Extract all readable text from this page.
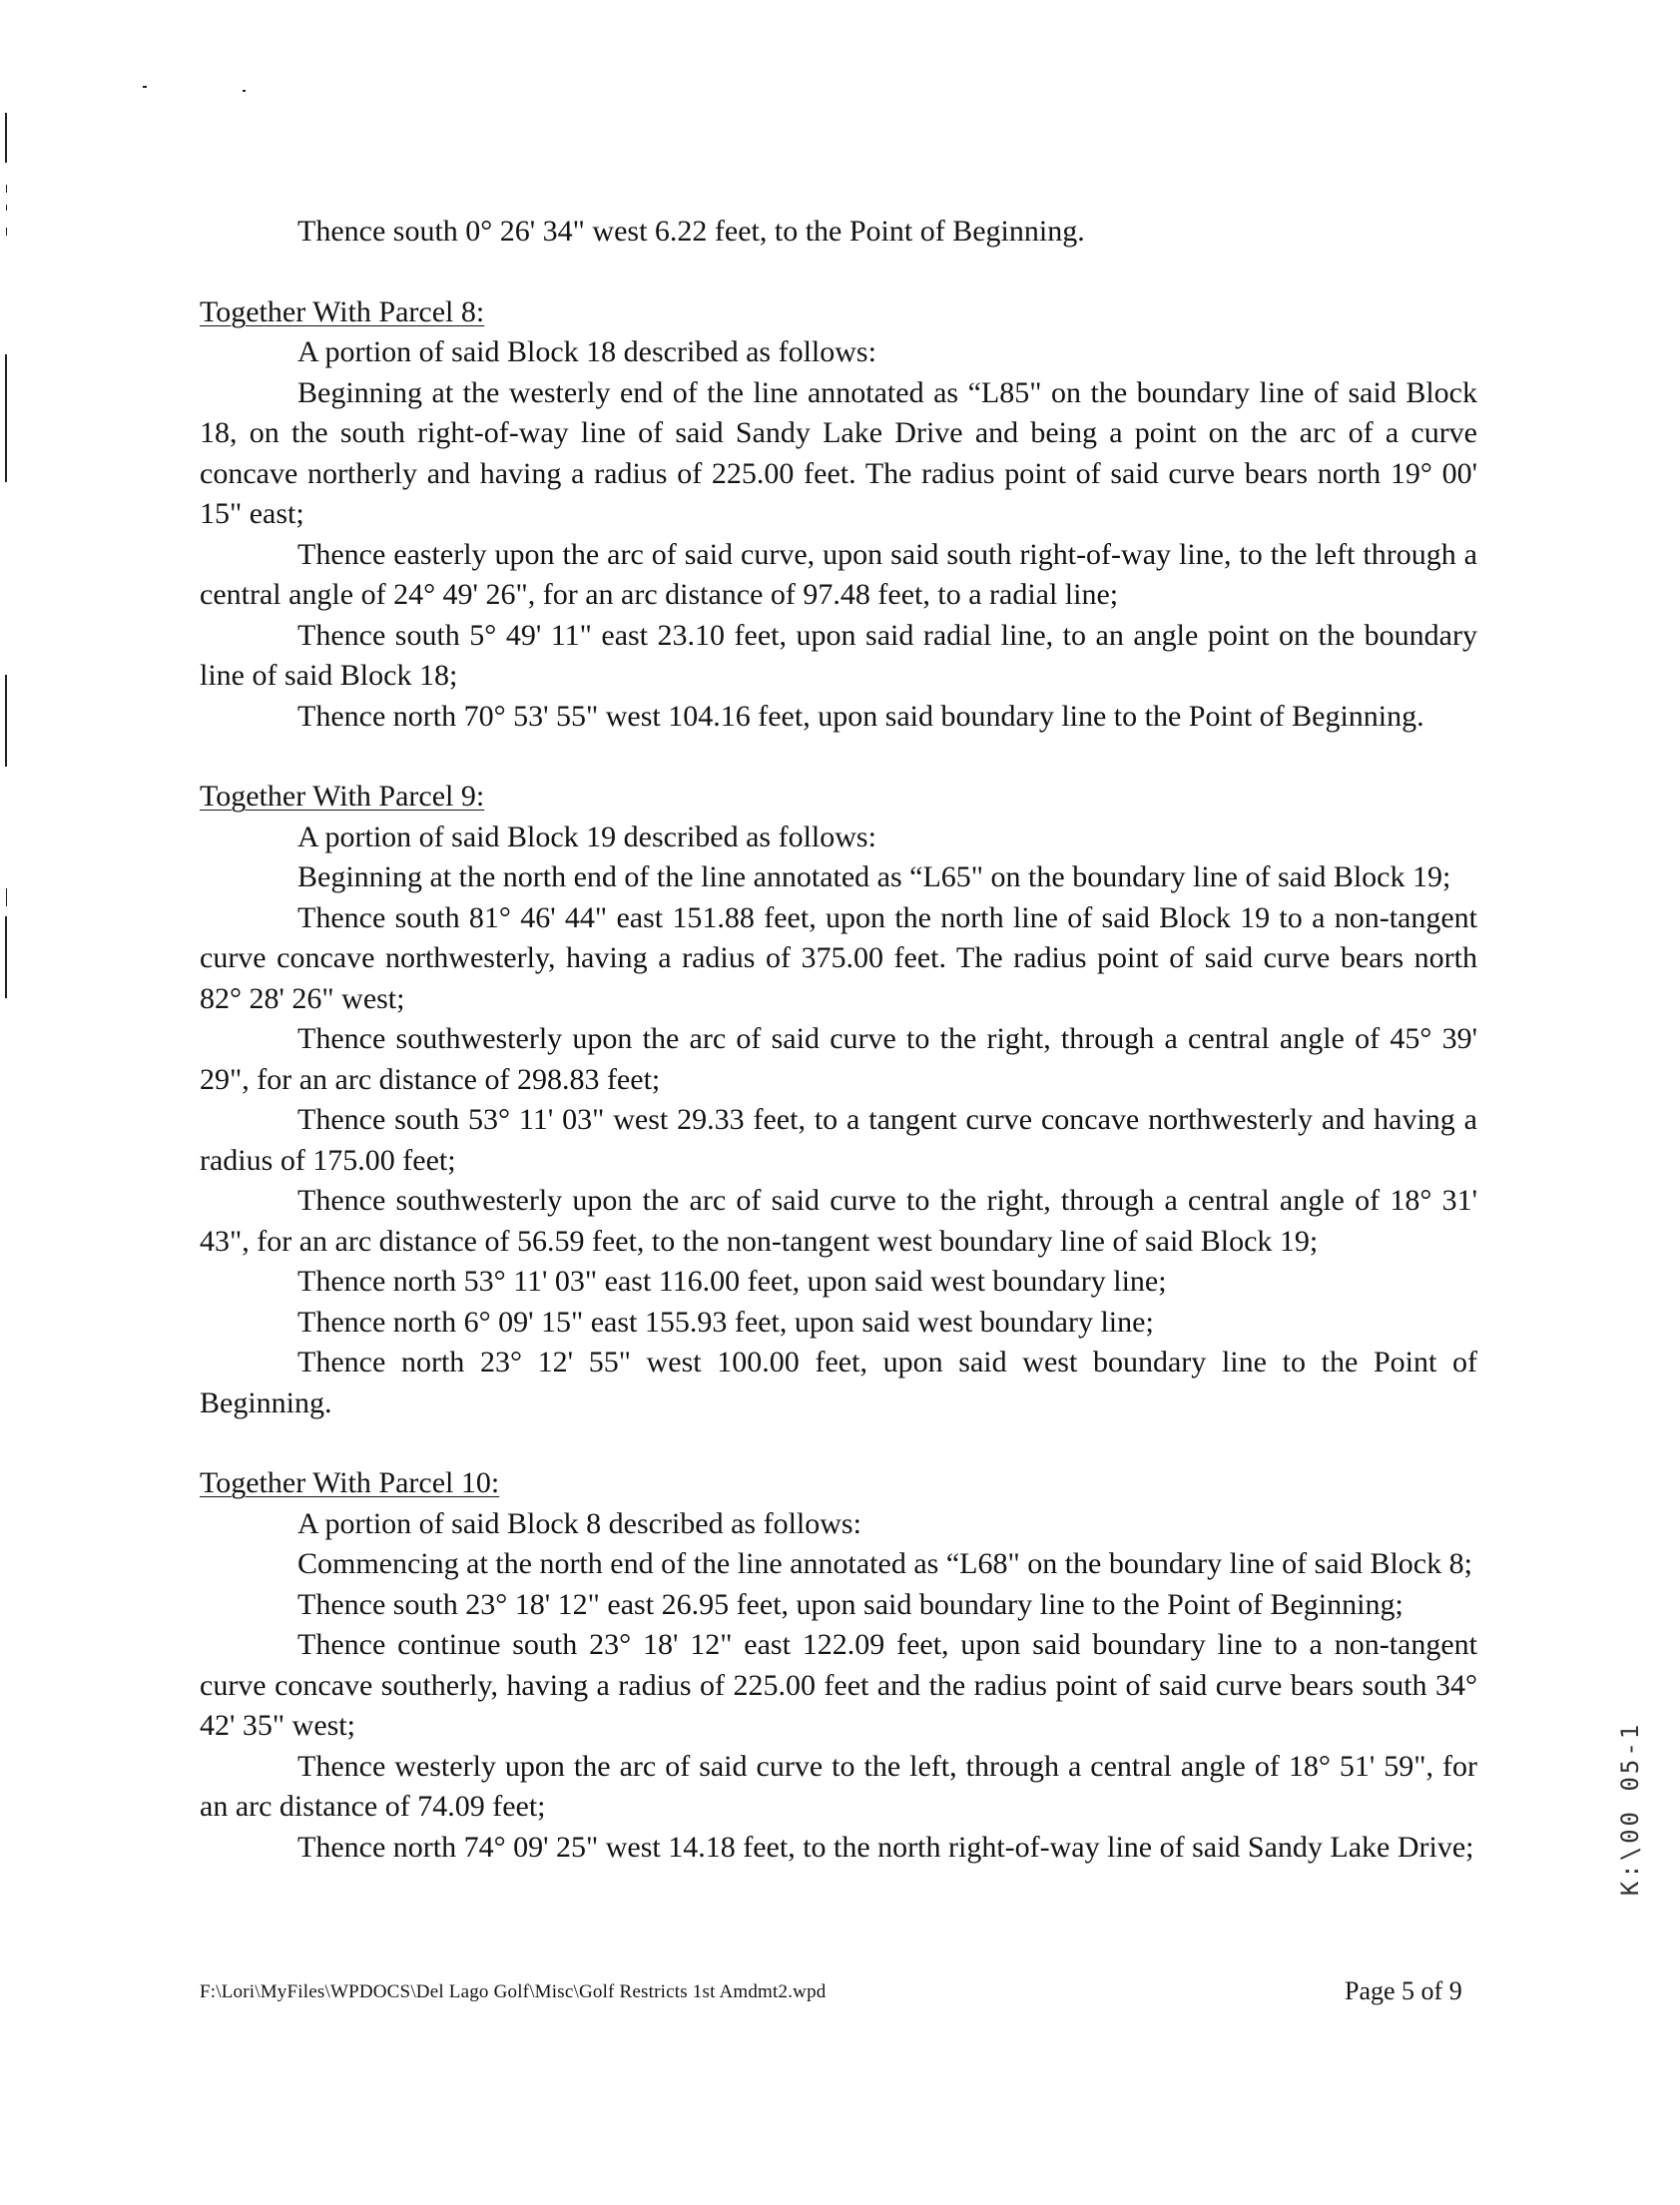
Thence south 0° 26' 34" west 6.22 feet, to the Point of Beginning.

Together With Parcel 8:

A portion of said Block 18 described as follows:

Beginning at the westerly end of the line annotated as “L85" on the boundary line of said Block 18, on the south right-of-way line of said Sandy Lake Drive and being a point on the arc of a curve concave northerly and having a radius of 225.00 feet. The radius point of said curve bears north 19° 00' 15" east;

Thence easterly upon the arc of said curve, upon said south right-of-way line, to the left through a central angle of 24° 49' 26", for an arc distance of 97.48 feet, to a radial line;

Thence south 5° 49' 11" east 23.10 feet, upon said radial line, to an angle point on the boundary line of said Block 18;

Thence north 70° 53' 55" west 104.16 feet, upon said boundary line to the Point of Beginning.

Together With Parcel 9:

A portion of said Block 19 described as follows:

Beginning at the north end of the line annotated as “L65" on the boundary line of said Block 19;

Thence south 81° 46' 44" east 151.88 feet, upon the north line of said Block 19 to a non-tangent curve concave northwesterly, having a radius of 375.00 feet. The radius point of said curve bears north 82° 28' 26" west;

Thence southwesterly upon the arc of said curve to the right, through a central angle of 45° 39' 29", for an arc distance of 298.83 feet;

Thence south 53° 11' 03" west 29.33 feet, to a tangent curve concave northwesterly and having a radius of 175.00 feet;

Thence southwesterly upon the arc of said curve to the right, through a central angle of 18° 31' 43", for an arc distance of 56.59 feet, to the non-tangent west boundary line of said Block 19;

Thence north 53° 11' 03" east 116.00 feet, upon said west boundary line;

Thence north 6° 09' 15" east 155.93 feet, upon said west boundary line;

Thence north 23° 12' 55" west 100.00 feet, upon said west boundary line to the Point of Beginning.

Together With Parcel 10:

A portion of said Block 8 described as follows:

Commencing at the north end of the line annotated as “L68" on the boundary line of said Block 8;

Thence south 23° 18' 12" east 26.95 feet, upon said boundary line to the Point of Beginning;

Thence continue south 23° 18' 12" east 122.09 feet, upon said boundary line to a non-tangent curve concave southerly, having a radius of 225.00 feet and the radius point of said curve bears south 34° 42' 35" west;

Thence westerly upon the arc of said curve to the left, through a central angle of 18° 51' 59", for an arc distance of 74.09 feet;

Thence north 74° 09' 25" west 14.18 feet, to the north right-of-way line of said Sandy Lake Drive;

F:\Lori\MyFiles\WPDOCS\Del Lago Golf\Misc\Golf Restricts 1st Amdmt2.wpd	Page 5 of 9
K:\00 05-1
